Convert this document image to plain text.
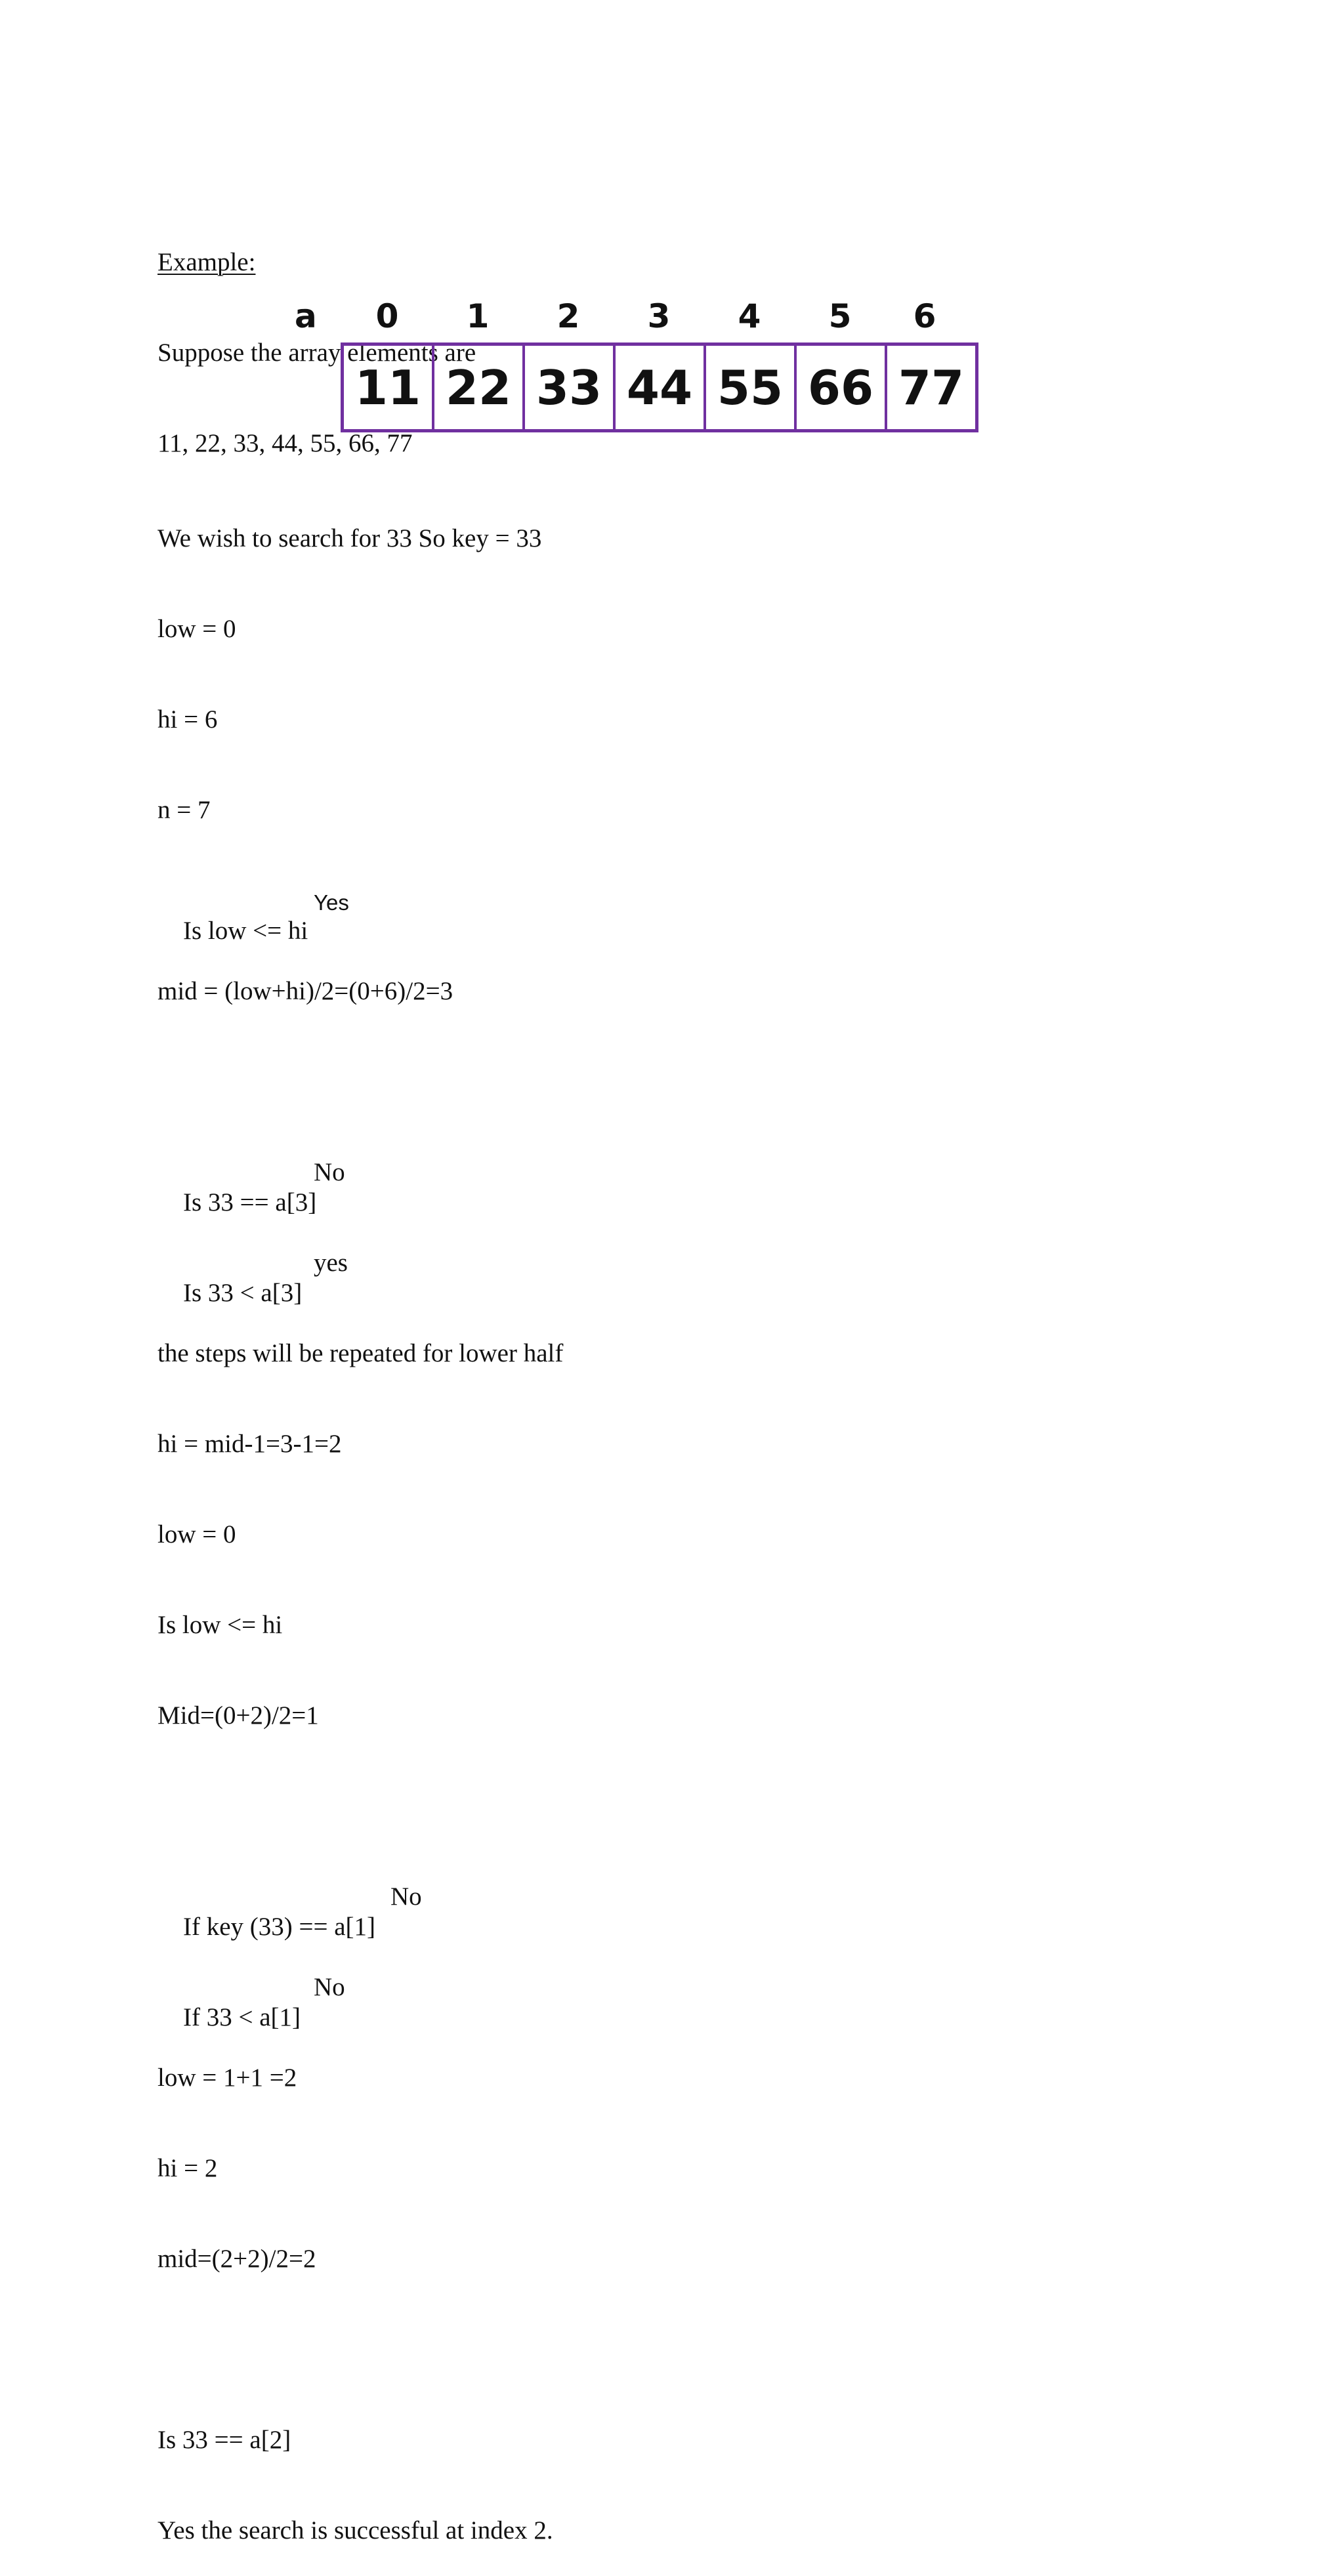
Example:

Suppose the array elements are

11, 22, 33, 44, 55, 66, 77

a	0	1	2	3	4	5	6
11 22 33 44 55 66 77

We wish to search for 33 So key = 33

low = 0

hi = 6

n = 7

Is low <= hi

Yes

mid = (low+hi)/2=(0+6)/2=3

Is 33 == a[3]

No

Is 33 < a[3]

yes

the steps will be repeated for lower half

hi = mid-1=3-1=2

low = 0

Is low <= hi

Mid=(0+2)/2=1

If key (33) == a[1]

No

If 33 < a[1]

No

low = 1+1 =2

hi = 2

mid=(2+2)/2=2

Is 33 == a[2]

Yes the search is successful at index 2.
